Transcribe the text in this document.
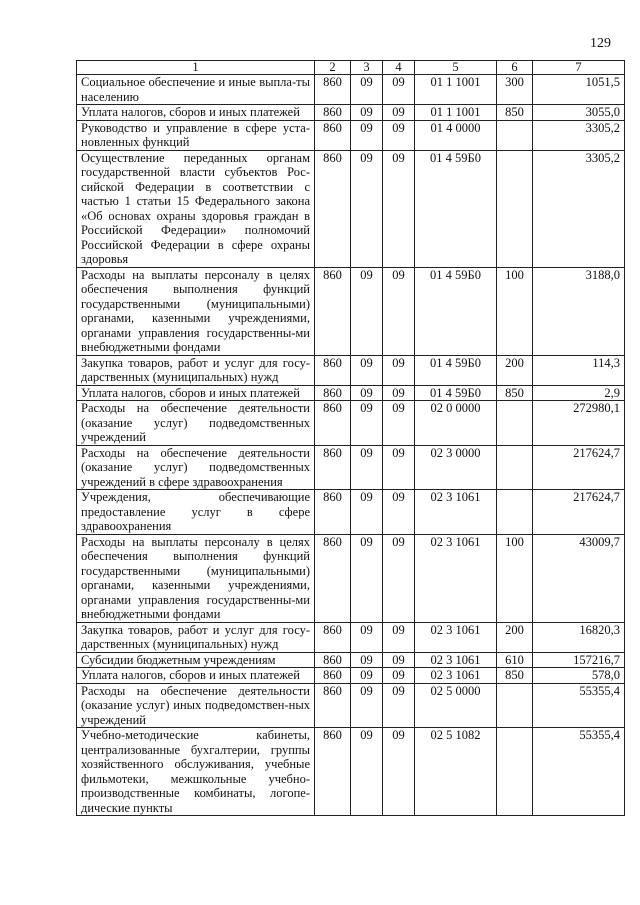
129
1	2	3	4	5	6	7
Социальное обеспечение и иные выпла-ты населению	860	09	09	01 1 1001	300	1051,5
Уплата налогов, сборов и иных платежей	860	09	09	01 1 1001	850	3055,0
Руководство и управление в сфере уста-новленных функций	860	09	09	01 4 0000		3305,2
Осуществление переданных органам государственной власти субъектов Рос-сийской Федерации в соответствии с частью 1 статьи 15 Федерального закона «Об основах охраны здоровья граждан в Российской Федерации» полномочий Российской Федерации в сфере охраны здоровья	860	09	09	01 4 59Б0		3305,2
Расходы на выплаты персоналу в целях обеспечения выполнения функций государственными (муниципальными) органами, казенными учреждениями, органами управления государственны-ми внебюджетными фондами	860	09	09	01 4 59Б0	100	3188,0
Закупка товаров, работ и услуг для госу-дарственных (муниципальных) нужд	860	09	09	01 4 59Б0	200	114,3
Уплата налогов, сборов и иных платежей	860	09	09	01 4 59Б0	850	2,9
Расходы на обеспечение деятельности (оказание услуг) подведомственных учреждений	860	09	09	02 0 0000		272980,1
Расходы на обеспечение деятельности (оказание услуг) подведомственных учреждений в сфере здравоохранения	860	09	09	02 3 0000		217624,7
Учреждения, обеспечивающие предоставление услуг в сфере здравоохранения	860	09	09	02 3 1061		217624,7
Расходы на выплаты персоналу в целях обеспечения выполнения функций государственными (муниципальными) органами, казенными учреждениями, органами управления государственны-ми внебюджетными фондами	860	09	09	02 3 1061	100	43009,7
Закупка товаров, работ и услуг для госу-дарственных (муниципальных) нужд	860	09	09	02 3 1061	200	16820,3
Субсидии бюджетным учреждениям	860	09	09	02 3 1061	610	157216,7
Уплата налогов, сборов и иных платежей	860	09	09	02 3 1061	850	578,0
Расходы на обеспечение деятельности (оказание услуг) иных подведомствен-ных учреждений	860	09	09	02 5 0000		55355,4
Учебно-методические кабинеты, централизованные бухгалтерии, группы хозяйственного обслуживания, учебные фильмотеки, межшкольные учебно-производственные комбинаты, логопе-дические пункты	860	09	09	02 5 1082		55355,4
